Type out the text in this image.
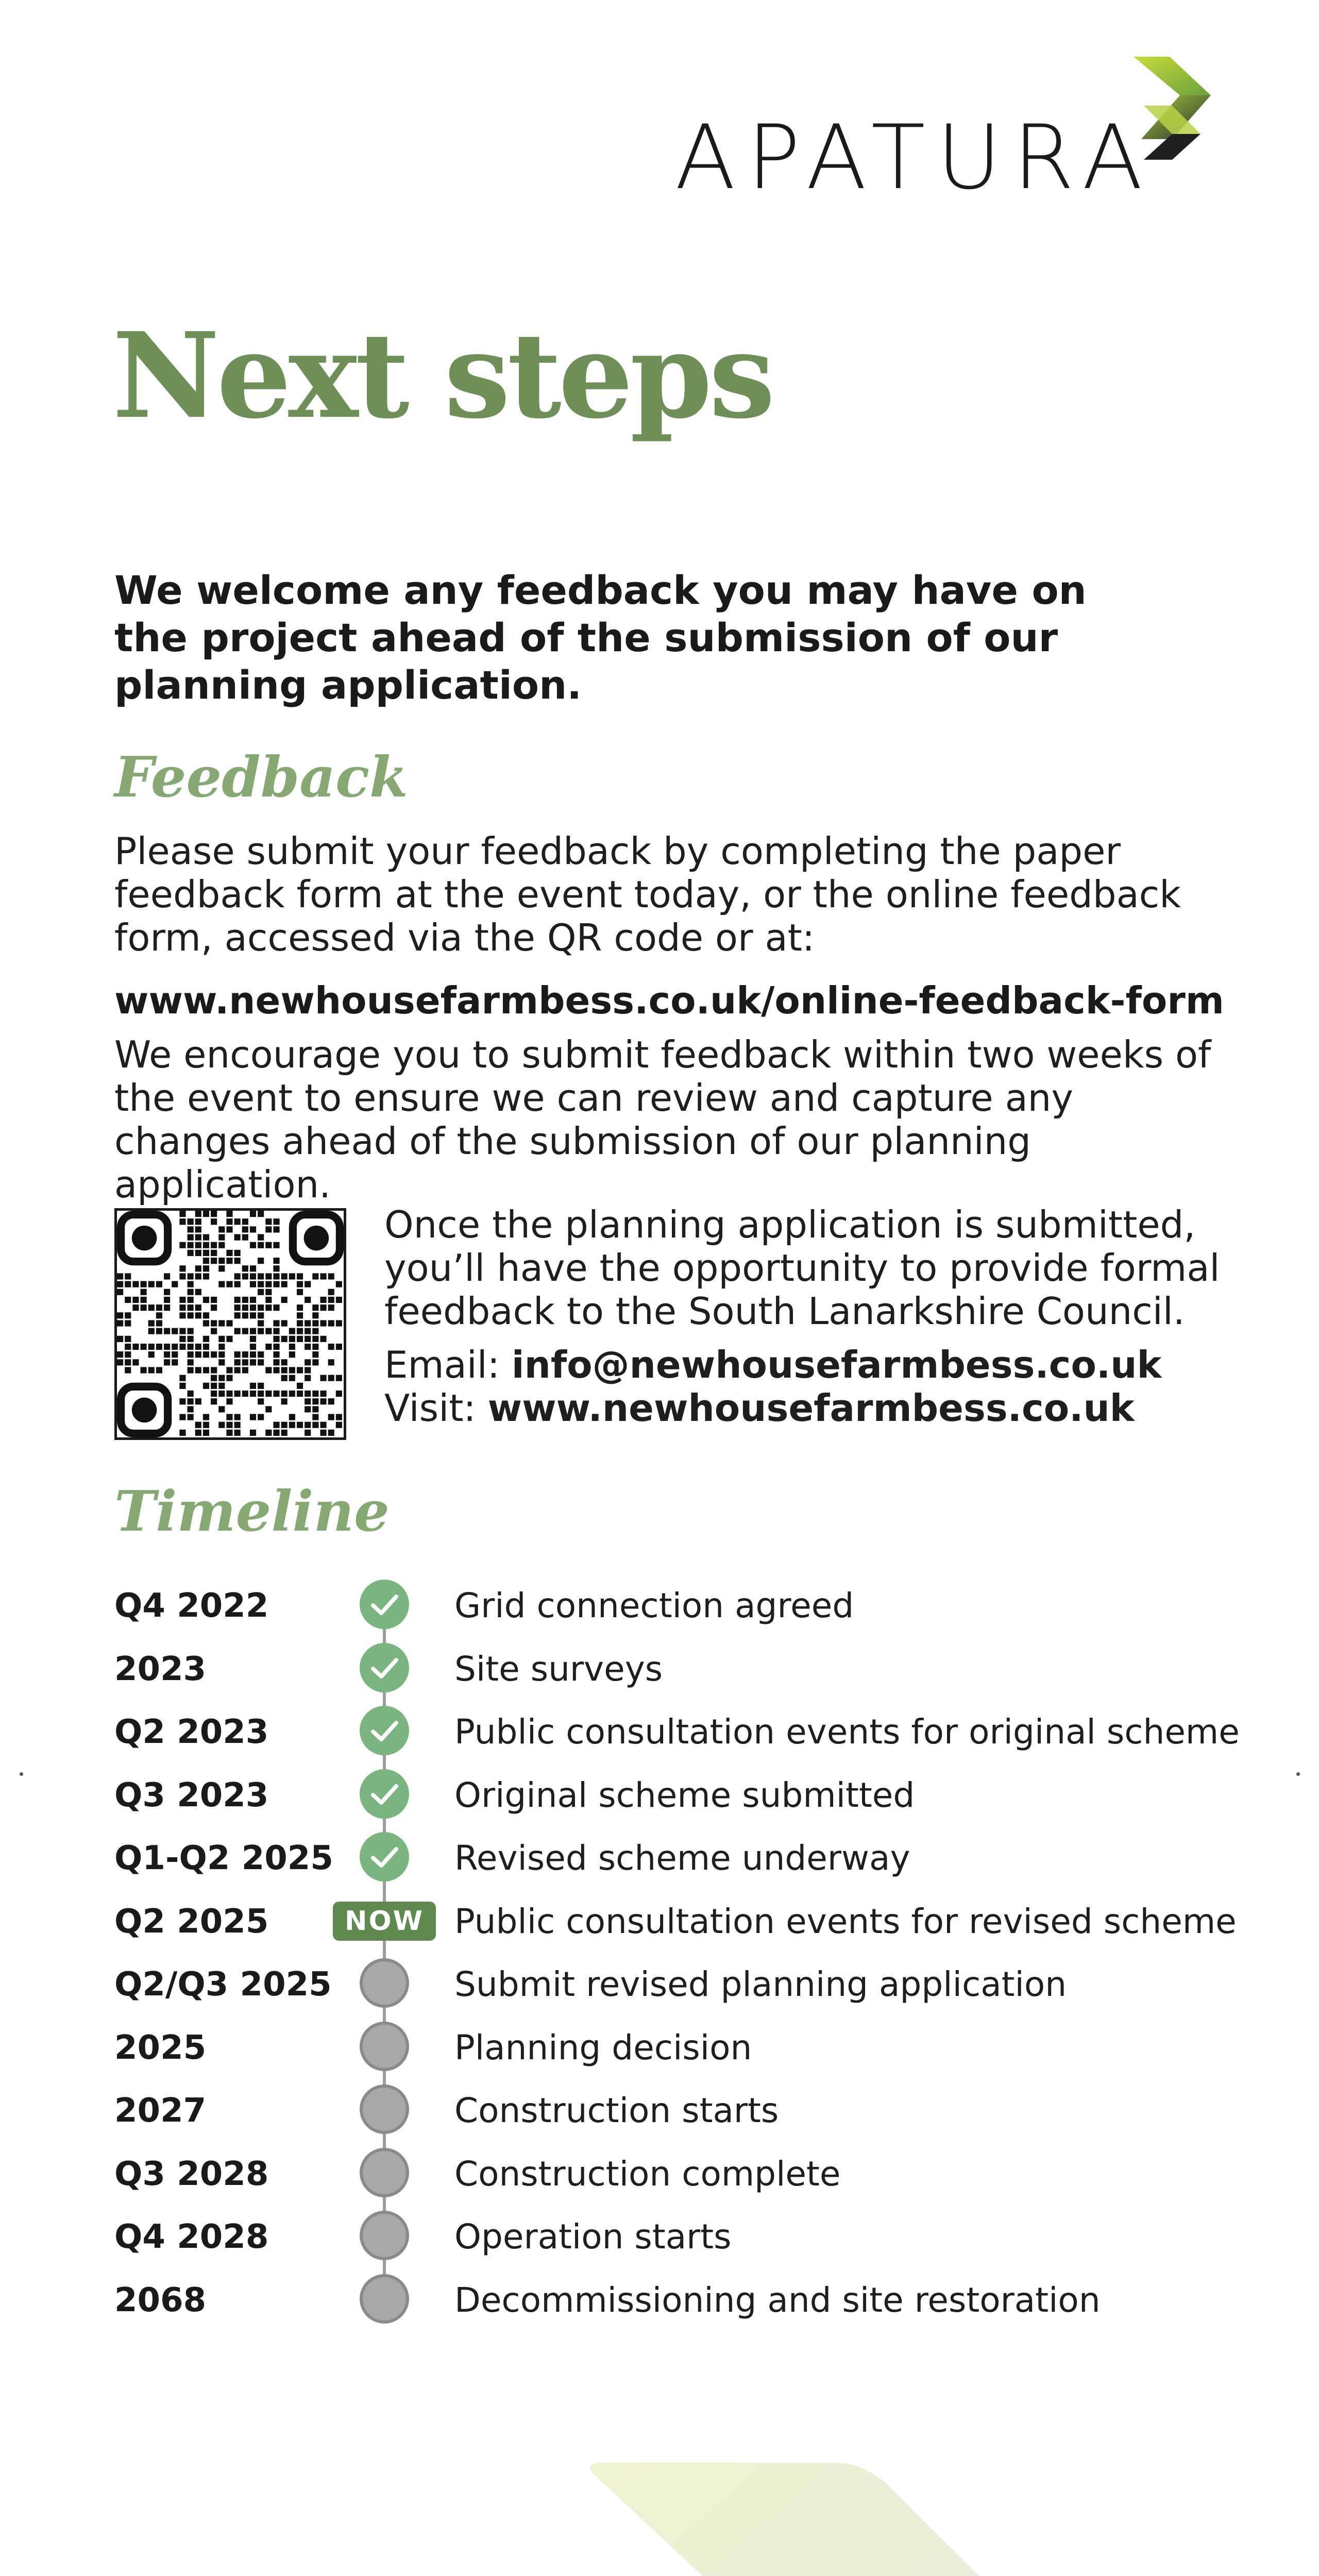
APATURA
Next steps

We welcome any feedback you may have on the project ahead of the submission of our planning application.

Feedback

Please submit your feedback by completing the paper feedback form at the event today, or the online feedback form, accessed via the QR code or at:

www.newhousefarmbess.co.uk/online-feedback-form

We encourage you to submit feedback within two weeks of the event to ensure we can review and capture any changes ahead of the submission of our planning application.

Once the planning application is submitted, you’ll have the opportunity to provide formal feedback to the South Lanarkshire Council.

Email: info@newhousefarmbess.co.uk

Visit: www.newhousefarmbess.co.uk

Timeline
Q4 2022	Grid connection agreed
2023	Site surveys
Q2 2023	Public consultation events for original scheme
Q3 2023	Original scheme submitted
Q1-Q2 2025	Revised scheme underway
Q2 2025	NOW Public consultation events for revised scheme
Q2/Q3 2025	Submit revised planning application
2025	Planning decision
2027	Construction starts
Q3 2028	Construction complete
Q4 2028	Operation starts
2068	Decommissioning and site restoration
